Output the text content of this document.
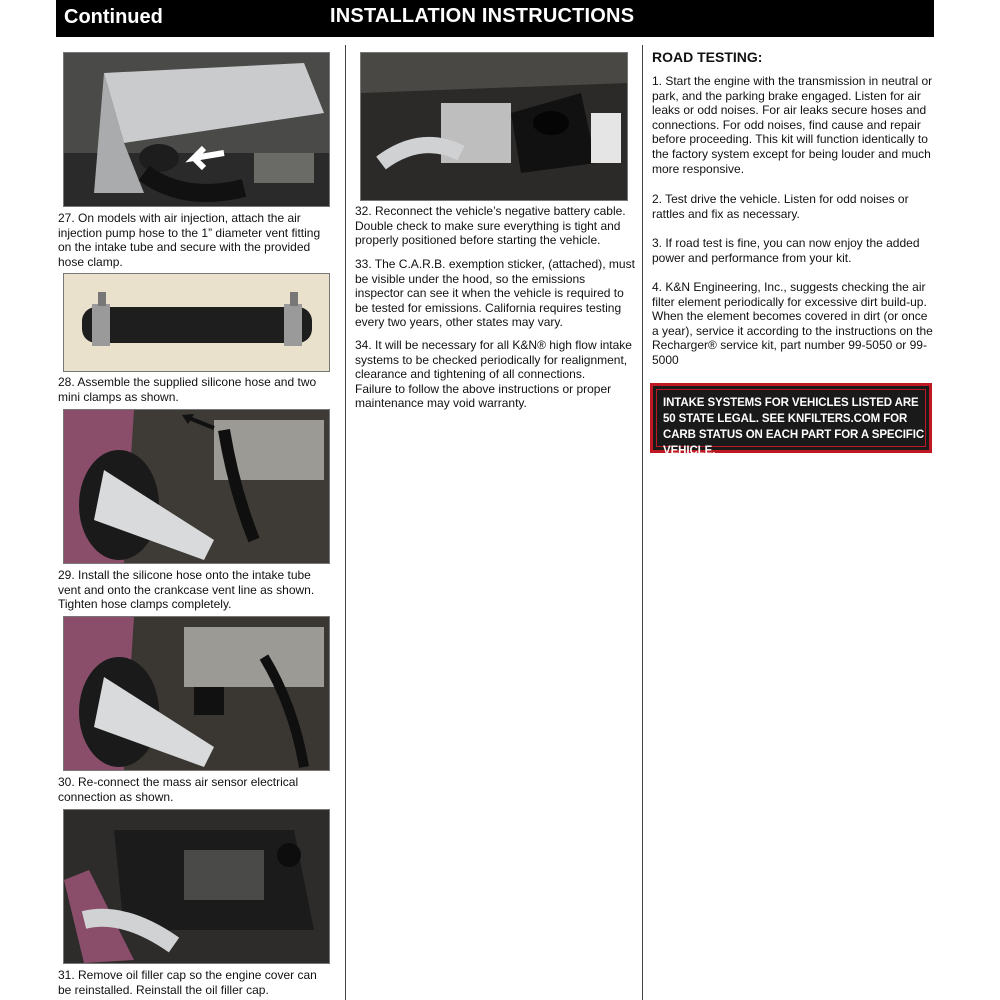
Continued	INSTALLATION INSTRUCTIONS

27. On models with air injection, attach the air injection pump hose to the 1” diameter vent fitting on the intake tube and secure with the provided hose clamp.

28. Assemble the supplied silicone hose and two mini clamps as shown.

29. Install the silicone hose onto the intake tube vent and onto the crankcase vent line as shown. Tighten hose clamps completely.

30. Re-connect the mass air sensor electrical connection as shown.

31. Remove oil filler cap so the engine cover can be reinstalled. Reinstall the oil filler cap.

32. Reconnect the vehicle’s negative battery cable. Double check to make sure everything is tight and properly positioned before starting the vehicle.

33. The C.A.R.B. exemption sticker, (attached), must be visible under the hood, so the emissions inspector can see it when the vehicle is required to be tested for emissions. California requires testing every two years, other states may vary.

34. It will be necessary for all K&N® high flow intake systems to be checked periodically for realignment, clearance and tightening of all connections.

Failure to follow the above instructions or proper maintenance may void warranty.

ROAD TESTING:

1. Start the engine with the transmission in neutral or park, and the parking brake engaged. Listen for air leaks or odd noises. For air leaks secure hoses and connections. For odd noises, find cause and repair before proceeding. This kit will function identically to the factory system except for being louder and much more responsive.

2. Test drive the vehicle. Listen for odd noises or rattles and fix as necessary.

3. If road test is fine, you can now enjoy the added power and performance from your kit.

4. K&N Engineering, Inc., suggests checking the air filter element periodically for excessive dirt build-up. When the element becomes covered in dirt (or once a year), service it according to the instructions on the Recharger® service kit, part number 99-5050 or 99-5000

INTAKE SYSTEMS FOR VEHICLES LISTED ARE 50 STATE LEGAL. SEE KNFILTERS.COM FOR CARB STATUS ON EACH PART FOR A SPECIFIC VEHICLE.
